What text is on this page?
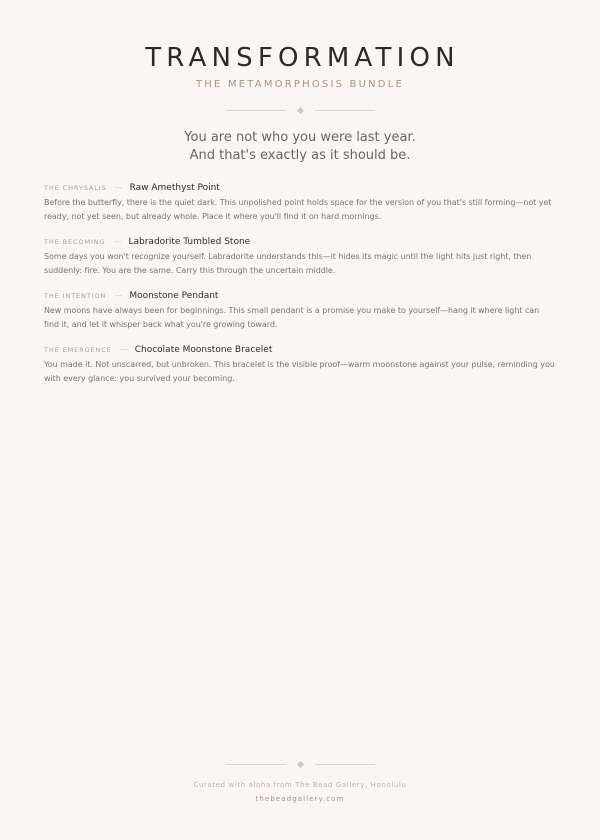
TRANSFORMATION
THE METAMORPHOSIS BUNDLE
You are not who you were last year.
And that's exactly as it should be.
THE CHRYSALIS — Raw Amethyst Point
Before the butterfly, there is the quiet dark. This unpolished point holds space for the version of you that's still forming—not yet ready, not yet seen, but already whole. Place it where you'll find it on hard mornings.
THE BECOMING — Labradorite Tumbled Stone
Some days you won't recognize yourself. Labradorite understands this—it hides its magic until the light hits just right, then suddenly: fire. You are the same. Carry this through the uncertain middle.
THE INTENTION — Moonstone Pendant
New moons have always been for beginnings. This small pendant is a promise you make to yourself—hang it where light can find it, and let it whisper back what you're growing toward.
THE EMERGENCE — Chocolate Moonstone Bracelet
You made it. Not unscarred, but unbroken. This bracelet is the visible proof—warm moonstone against your pulse, reminding you with every glance: you survived your becoming.
Curated with aloha from The Bead Gallery, Honolulu
thebeadgallery.com
